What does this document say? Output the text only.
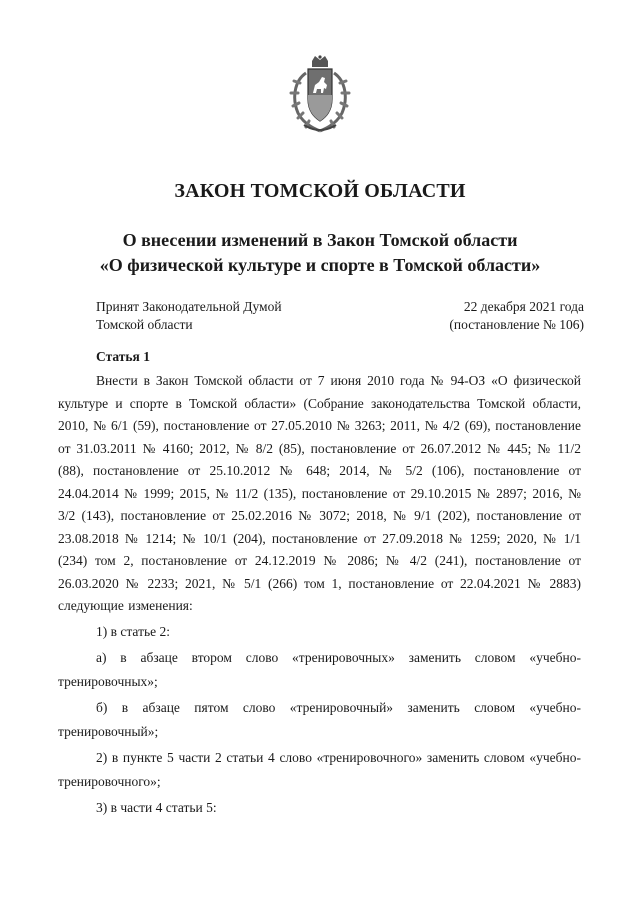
ЗАКОН ТОМСКОЙ ОБЛАСТИ
О внесении изменений в Закон Томской области
«О физической культуре и спорте в Томской области»
Принят Законодательной Думой	22 декабря 2021 года
Томской области	(постановление № 106)
Статья 1

Внести в Закон Томской области от 7 июня 2010 года № 94-ОЗ «О физической культуре и спорте в Томской области» (Собрание законодательства Томской области, 2010, № 6/1 (59), постановление от 27.05.2010 № 3263; 2011, № 4/2 (69), постановление от 31.03.2011 № 4160; 2012, № 8/2 (85), постановление от 26.07.2012 № 445; № 11/2 (88), постановление от 25.10.2012 № 648; 2014, № 5/2 (106), постановление от 24.04.2014 № 1999; 2015, № 11/2 (135), постановление от 29.10.2015 № 2897; 2016, № 3/2 (143), постановление от 25.02.2016 № 3072; 2018, № 9/1 (202), постановление от 23.08.2018 № 1214; № 10/1 (204), постановление от 27.09.2018 № 1259; 2020, № 1/1 (234) том 2, постановление от 24.12.2019 № 2086; № 4/2 (241), постановление от 26.03.2020 № 2233; 2021, № 5/1 (266) том 1, постановление от 22.04.2021 № 2883) следующие изменения:

1) в статье 2:

а) в абзаце втором слово «тренировочных» заменить словом «учебно-тренировочных»;

б) в абзаце пятом слово «тренировочный» заменить словом «учебно-тренировочный»;

2) в пункте 5 части 2 статьи 4 слово «тренировочного» заменить словом «учебно-тренировочного»;

3) в части 4 статьи 5:
